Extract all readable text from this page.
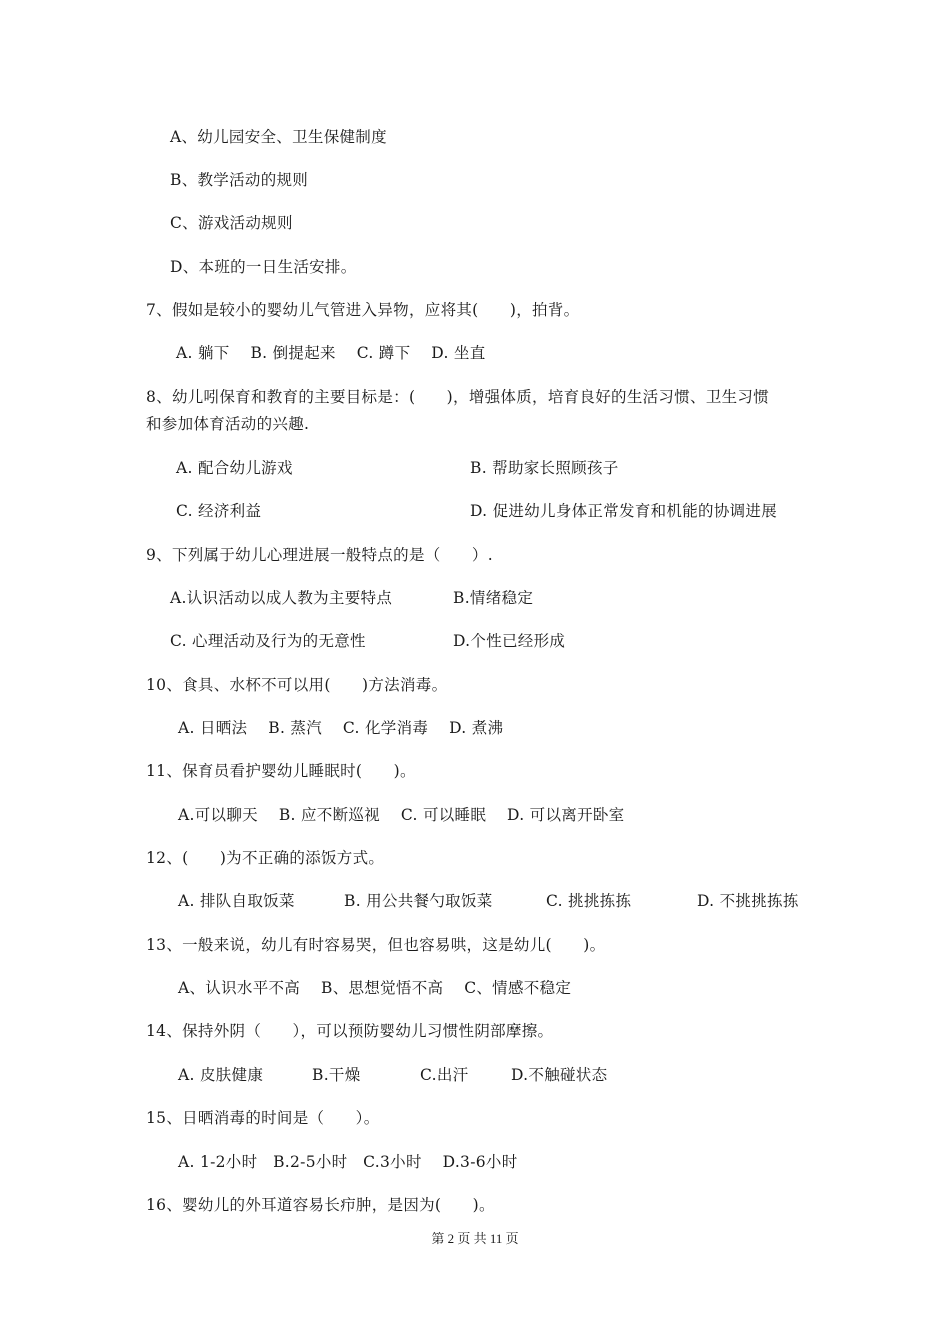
A、幼儿园安全、卫生保健制度
B、教学活动的规则
C、游戏活动规则
D、本班的一日生活安排。
7、假如是较小的婴幼儿气管进入异物，应将其(      )，拍背。
A. 躺下    B. 倒提起来    C. 蹲下    D. 坐直
8、幼儿吲保育和教育的主要目标是：(      )，增强体质，培育良好的生活习惯、卫生习惯
和参加体育活动的兴趣.
A. 配合幼儿游戏	B. 帮助家长照顾孩子
C. 经济利益	D. 促进幼儿身体正常发育和机能的协调进展
9、下列属于幼儿心理进展一般特点的是（      ）.
A.认识活动以成人教为主要特点	B.情绪稳定
C. 心理活动及行为的无意性	D.个性已经形成
10、食具、水杯不可以用(      )方法消毒。
A. 日晒法    B. 蒸汽    C. 化学消毒    D. 煮沸
11、保育员看护婴幼儿睡眠时(      )。
A.可以聊天    B. 应不断巡视    C. 可以睡眠    D. 可以离开卧室
12、(      )为不正确的添饭方式。
A. 排队自取饭菜	B. 用公共餐勺取饭菜	C. 挑挑拣拣	D. 不挑挑拣拣
13、一般来说，幼儿有时容易哭，但也容易哄，这是幼儿(      )。
A、认识水平不高    B、思想觉悟不高    C、情感不稳定
14、保持外阴（      ），可以预防婴幼儿习惯性阴部摩擦。
A. 皮肤健康	B.干燥	C.出汗	D.不触碰状态
15、日晒消毒的时间是（      ）。
A. 1-2小时   B.2-5小时   C.3小时    D.3-6小时
16、婴幼儿的外耳道容易长疖肿，是因为(      )。
第 2 页 共 11 页
